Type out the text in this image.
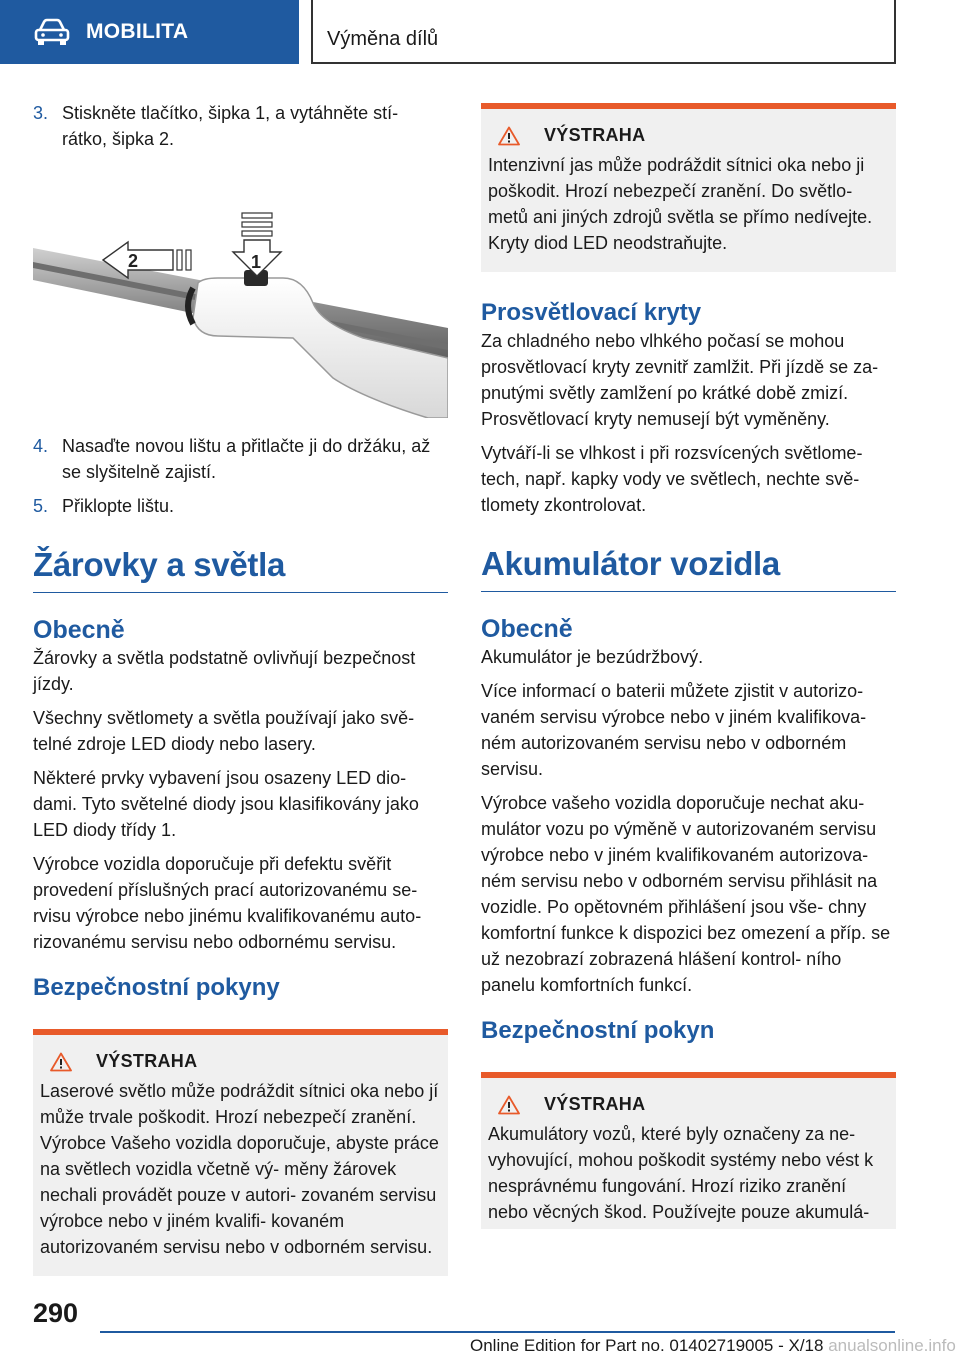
MOBILITA	Výměna dílů
3. Stiskněte tlačítko, šipka 1, a vytáhněte stí- rátko, šipka 2.
1
2
4. Nasaďte novou lištu a přitlačte ji do držáku, až se slyšitelně zajistí.
5. Přiklopte lištu.
Žárovky a světla
Obecně

Žárovky a světla podstatně ovlivňují bezpečnost jízdy.

Všechny světlomety a světla používají jako svě- telné zdroje LED diody nebo lasery.

Některé prvky vybavení jsou osazeny LED dio- dami. Tyto světelné diody jsou klasifikovány jako LED diody třídy 1.

Výrobce vozidla doporučuje při defektu svěřit provedení příslušných prací autorizovanému se- rvisu výrobce nebo jinému kvalifikovanému auto- rizovanému servisu nebo odbornému servisu.

Bezpečnostní pokyny
VÝSTRAHA

Laserové světlo může podráždit sítnici oka nebo jí může trvale poškodit. Hrozí nebezpečí zranění. Výrobce Vašeho vozidla doporučuje, abyste práce na světlech vozidla včetně vý- měny žárovek nechali provádět pouze v autori- zovaném servisu výrobce nebo v jiném kvalifi- kovaném autorizovaném servisu nebo v odborném servisu.

VÝSTRAHA

Intenzivní jas může podráždit sítnici oka nebo ji poškodit. Hrozí nebezpečí zranění. Do světlo- metů ani jiných zdrojů světla se přímo nedívejte. Kryty diod LED neodstraňujte.

Prosvětlovací kryty

Za chladného nebo vlhkého počasí se mohou prosvětlovací kryty zevnitř zamlžit. Při jízdě se za- pnutými světly zamlžení po krátké době zmizí. Prosvětlovací kryty nemusejí být vyměněny.

Vytváří-li se vlhkost i při rozsvícených světlome- tech, např. kapky vody ve světlech, nechte svě- tlomety zkontrolovat.

Akumulátor vozidla
Obecně

Akumulátor je bezúdržbový.

Více informací o baterii můžete zjistit v autorizo- vaném servisu výrobce nebo v jiném kvalifikova- ném autorizovaném servisu nebo v odborném servisu.

Výrobce vašeho vozidla doporučuje nechat aku- mulátor vozu po výměně v autorizovaném servisu výrobce nebo v jiném kvalifikovaném autorizova- ném servisu nebo v odborném servisu přihlásit na vozidle. Po opětovném přihlášení jsou vše- chny komfortní funkce k dispozici bez omezení a příp. se už nezobrazí zobrazená hlášení kontrol- ního panelu komfortních funkcí.

Bezpečnostní pokyn
VÝSTRAHA

Akumulátory vozů, které byly označeny za ne- vyhovující, mohou poškodit systémy nebo vést k nesprávnému fungování. Hrozí riziko zranění nebo věcných škod. Používejte pouze akumulá-

290
Online Edition for Part no. 01402719005 - X/18 anualsonline.info
